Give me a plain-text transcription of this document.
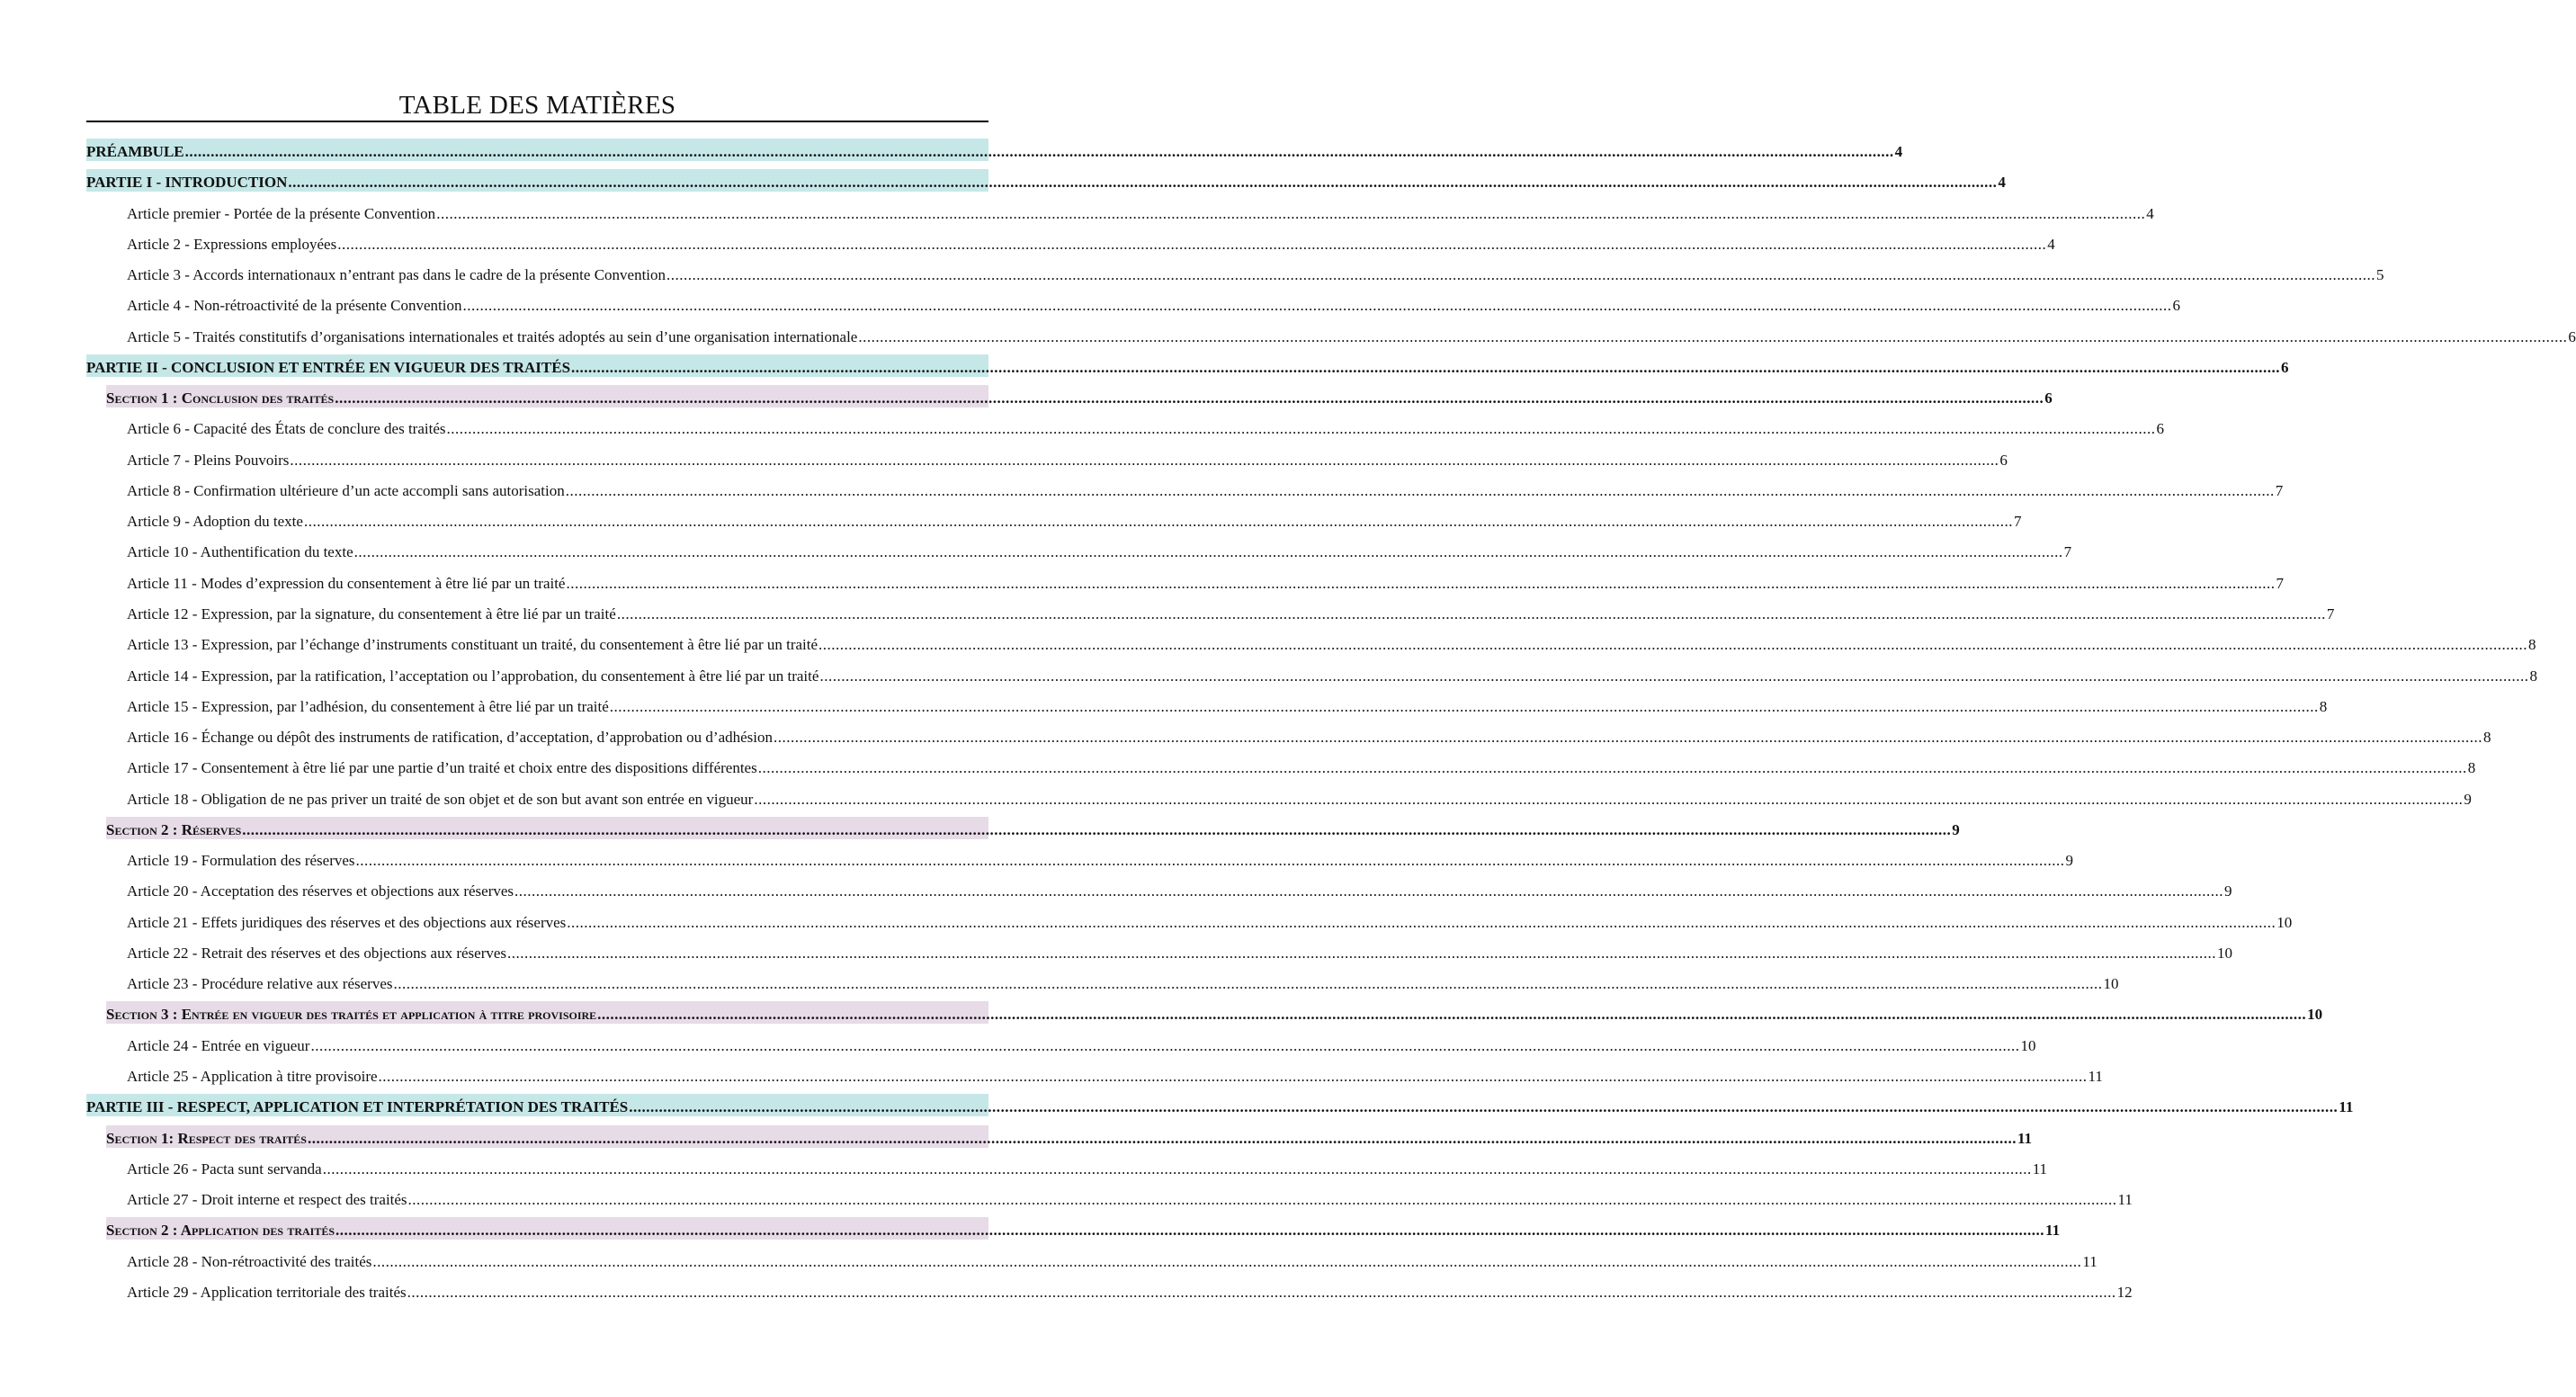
TABLE DES MATIÈRES
PRÉAMBULE ................................................................................................................................................................................................................................................................................................................................................................................................................ 4
PARTIE I - INTRODUCTION ................................................................................................................................................................................................................................................................................................................................................................................................................ 4
Article premier - Portée de la présente Convention ................................................................................................................................................................................................................................................................................................................................................................................................................ 4
Article 2 - Expressions employées ................................................................................................................................................................................................................................................................................................................................................................................................................ 4
Article 3 - Accords internationaux n’entrant pas dans le cadre de la présente Convention ................................................................................................................................................................................................................................................................................................................................................................................................................ 5
Article 4 - Non-rétroactivité de la présente Convention ................................................................................................................................................................................................................................................................................................................................................................................................................ 6
Article 5 - Traités constitutifs d’organisations internationales et traités adoptés au sein d’une organisation internationale ................................................................................................................................................................................................................................................................................................................................................................................................................ 6
PARTIE II - CONCLUSION ET ENTRÉE EN VIGUEUR DES TRAITÉS ................................................................................................................................................................................................................................................................................................................................................................................................................ 6
Section 1 : Conclusion des traités ................................................................................................................................................................................................................................................................................................................................................................................................................ 6
Article 6 - Capacité des États de conclure des traités ................................................................................................................................................................................................................................................................................................................................................................................................................ 6
Article 7 - Pleins Pouvoirs ................................................................................................................................................................................................................................................................................................................................................................................................................ 6
Article 8 - Confirmation ultérieure d’un acte accompli sans autorisation ................................................................................................................................................................................................................................................................................................................................................................................................................ 7
Article 9 - Adoption du texte ................................................................................................................................................................................................................................................................................................................................................................................................................ 7
Article 10 - Authentification du texte ................................................................................................................................................................................................................................................................................................................................................................................................................ 7
Article 11 - Modes d’expression du consentement à être lié par un traité ................................................................................................................................................................................................................................................................................................................................................................................................................ 7
Article 12 - Expression, par la signature, du consentement à être lié par un traité ................................................................................................................................................................................................................................................................................................................................................................................................................ 7
Article 13 - Expression, par l’échange d’instruments constituant un traité, du consentement à être lié par un traité ................................................................................................................................................................................................................................................................................................................................................................................................................ 8
Article 14 - Expression, par la ratification, l’acceptation ou l’approbation, du consentement à être lié par un traité ................................................................................................................................................................................................................................................................................................................................................................................................................ 8
Article 15 - Expression, par l’adhésion, du consentement à être lié par un traité ................................................................................................................................................................................................................................................................................................................................................................................................................ 8
Article 16 - Échange ou dépôt des instruments de ratification, d’acceptation, d’approbation ou d’adhésion ................................................................................................................................................................................................................................................................................................................................................................................................................ 8
Article 17 - Consentement à être lié par une partie d’un traité et choix entre des dispositions différentes ................................................................................................................................................................................................................................................................................................................................................................................................................ 8
Article 18 - Obligation de ne pas priver un traité de son objet et de son but avant son entrée en vigueur ................................................................................................................................................................................................................................................................................................................................................................................................................ 9
Section 2 : Réserves ................................................................................................................................................................................................................................................................................................................................................................................................................ 9
Article 19 - Formulation des réserves ................................................................................................................................................................................................................................................................................................................................................................................................................ 9
Article 20 - Acceptation des réserves et objections aux réserves ................................................................................................................................................................................................................................................................................................................................................................................................................ 9
Article 21 - Effets juridiques des réserves et des objections aux réserves ................................................................................................................................................................................................................................................................................................................................................................................................................ 10
Article 22 - Retrait des réserves et des objections aux réserves ................................................................................................................................................................................................................................................................................................................................................................................................................ 10
Article 23 - Procédure relative aux réserves ................................................................................................................................................................................................................................................................................................................................................................................................................ 10
Section 3 : Entrée en vigueur des traités et application à titre provisoire ................................................................................................................................................................................................................................................................................................................................................................................................................ 10
Article 24 - Entrée en vigueur ................................................................................................................................................................................................................................................................................................................................................................................................................ 10
Article 25 - Application à titre provisoire ................................................................................................................................................................................................................................................................................................................................................................................................................ 11
PARTIE III - RESPECT, APPLICATION ET INTERPRÉTATION DES TRAITÉS ................................................................................................................................................................................................................................................................................................................................................................................................................ 11
Section 1: Respect des traités ................................................................................................................................................................................................................................................................................................................................................................................................................ 11
Article 26 - Pacta sunt servanda ................................................................................................................................................................................................................................................................................................................................................................................................................ 11
Article 27 - Droit interne et respect des traités ................................................................................................................................................................................................................................................................................................................................................................................................................ 11
Section 2 : Application des traités ................................................................................................................................................................................................................................................................................................................................................................................................................ 11
Article 28 - Non-rétroactivité des traités ................................................................................................................................................................................................................................................................................................................................................................................................................ 11
Article 29 - Application territoriale des traités ................................................................................................................................................................................................................................................................................................................................................................................................................ 12
